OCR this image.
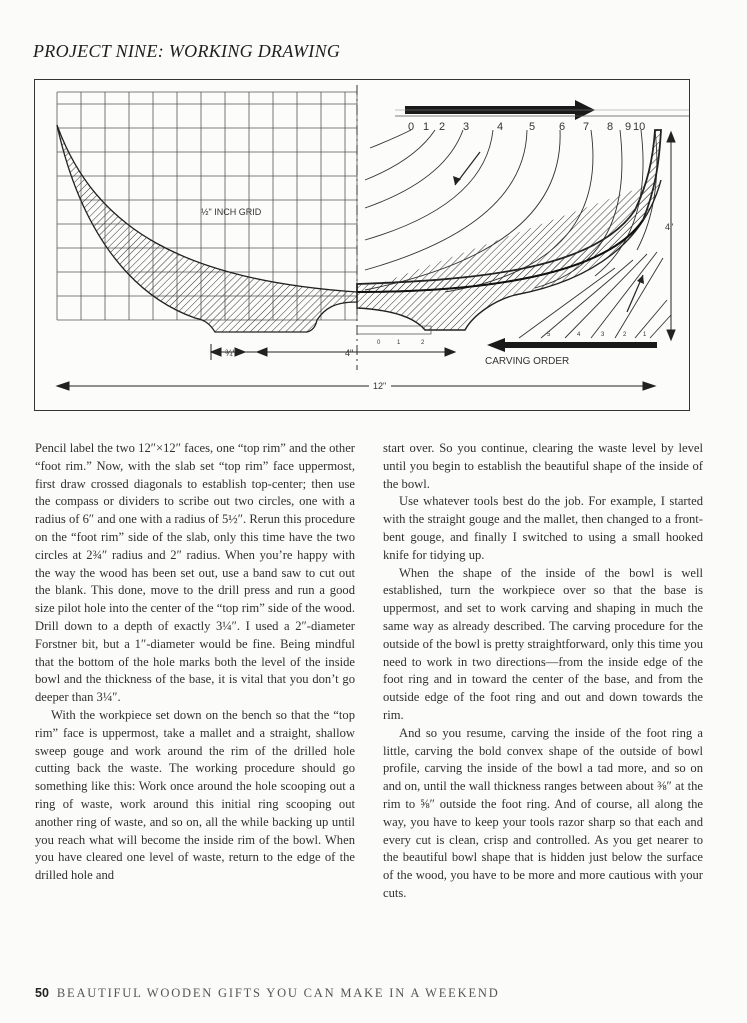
PROJECT NINE: WORKING DRAWING
0 1 2 3	4 5 6 7 8 9 10
5	4	3	2	1
0	1	2
4"
½" INCH GRID
¾"	4"
CARVING ORDER
12"

Pencil label the two 12″×12″ faces, one “top rim” and the other “foot rim.” Now, with the slab set “top rim” face uppermost, first draw crossed diagonals to establish top-center; then use the compass or dividers to scribe out two circles, one with a radius of 6″ and one with a radius of 5½″. Rerun this procedure on the “foot rim” side of the slab, only this time have the two circles at 2¾″ radius and 2″ radius. When you’re happy with the way the wood has been set out, use a band saw to cut out the blank. This done, move to the drill press and run a good size pilot hole into the center of the “top rim” side of the wood. Drill down to a depth of exactly 3¼″. I used a 2″-diameter Forstner bit, but a 1″-diameter would be fine. Being mindful that the bottom of the hole marks both the level of the inside bowl and the thickness of the base, it is vital that you don’t go deeper than 3¼″.

With the workpiece set down on the bench so that the “top rim” face is uppermost, take a mallet and a straight, shallow sweep gouge and work around the rim of the drilled hole cutting back the waste. The working procedure should go something like this: Work once around the hole scooping out a ring of waste, work around this initial ring scooping out another ring of waste, and so on, all the while backing up until you reach what will become the inside rim of the bowl. When you have cleared one level of waste, return to the edge of the drilled hole and

start over. So you continue, clearing the waste level by level until you begin to establish the beautiful shape of the inside of the bowl.

Use whatever tools best do the job. For example, I started with the straight gouge and the mallet, then changed to a front-bent gouge, and finally I switched to using a small hooked knife for tidying up.

When the shape of the inside of the bowl is well established, turn the workpiece over so that the base is uppermost, and set to work carving and shaping in much the same way as already described. The carving procedure for the outside of the bowl is pretty straightforward, only this time you need to work in two directions—from the inside edge of the foot ring and in toward the center of the base, and from the outside edge of the foot ring and out and down towards the rim.

And so you resume, carving the inside of the foot ring a little, carving the bold convex shape of the outside of bowl profile, carving the inside of the bowl a tad more, and so on and on, until the wall thickness ranges between about ⅜″ at the rim to ⅝″ outside the foot ring. And of course, all along the way, you have to keep your tools razor sharp so that each and every cut is clean, crisp and controlled. As you get nearer to the beautiful bowl shape that is hidden just below the surface of the wood, you have to be more and more cautious with your cuts.

50 BEAUTIFUL WOODEN GIFTS YOU CAN MAKE IN A WEEKEND
